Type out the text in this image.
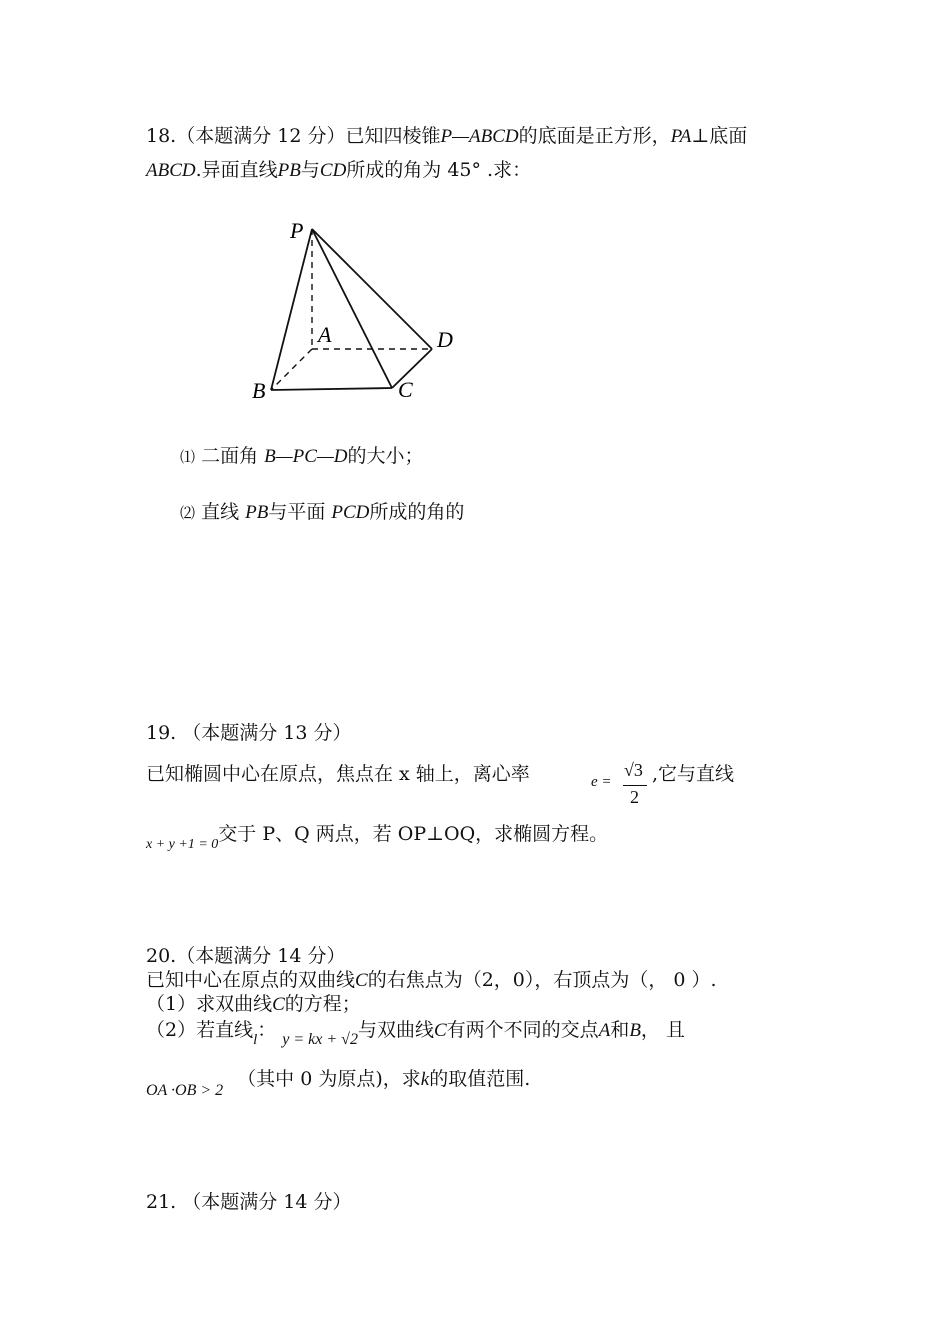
18.（本题满分 12 分）已知四棱锥P—ABCD的底面是正方形，PA⊥底面
ABCD.异面直线PB与CD所成的角为 45° .求：
P
A	D
B	C
⑴ 二面角 B—PC—D的大小；
⑵ 直线 PB与平面 PCD所成的角的
19. （本题满分 13 分）
已知椭圆中心在原点，焦点在 x 轴上，离心率	e =
√3
2
,它与直线
$_{x + y +1 = 0}$交于 P、Q 两点，若 OP⊥OQ，求椭圆方程。
20.（本题满分 14 分）
已知中心在原点的双曲线C的右焦点为（2，0），右顶点为（， 0 ）.
（1）求双曲线C的方程；
（2）若直线$_l$： $_{y = kx + √2}$与双曲线C有两个不同的交点A和B， 且
$_{OA \cdot OB > 2}$（其中 0 为原点)，求k的取值范围.
21. （本题满分 14 分）
